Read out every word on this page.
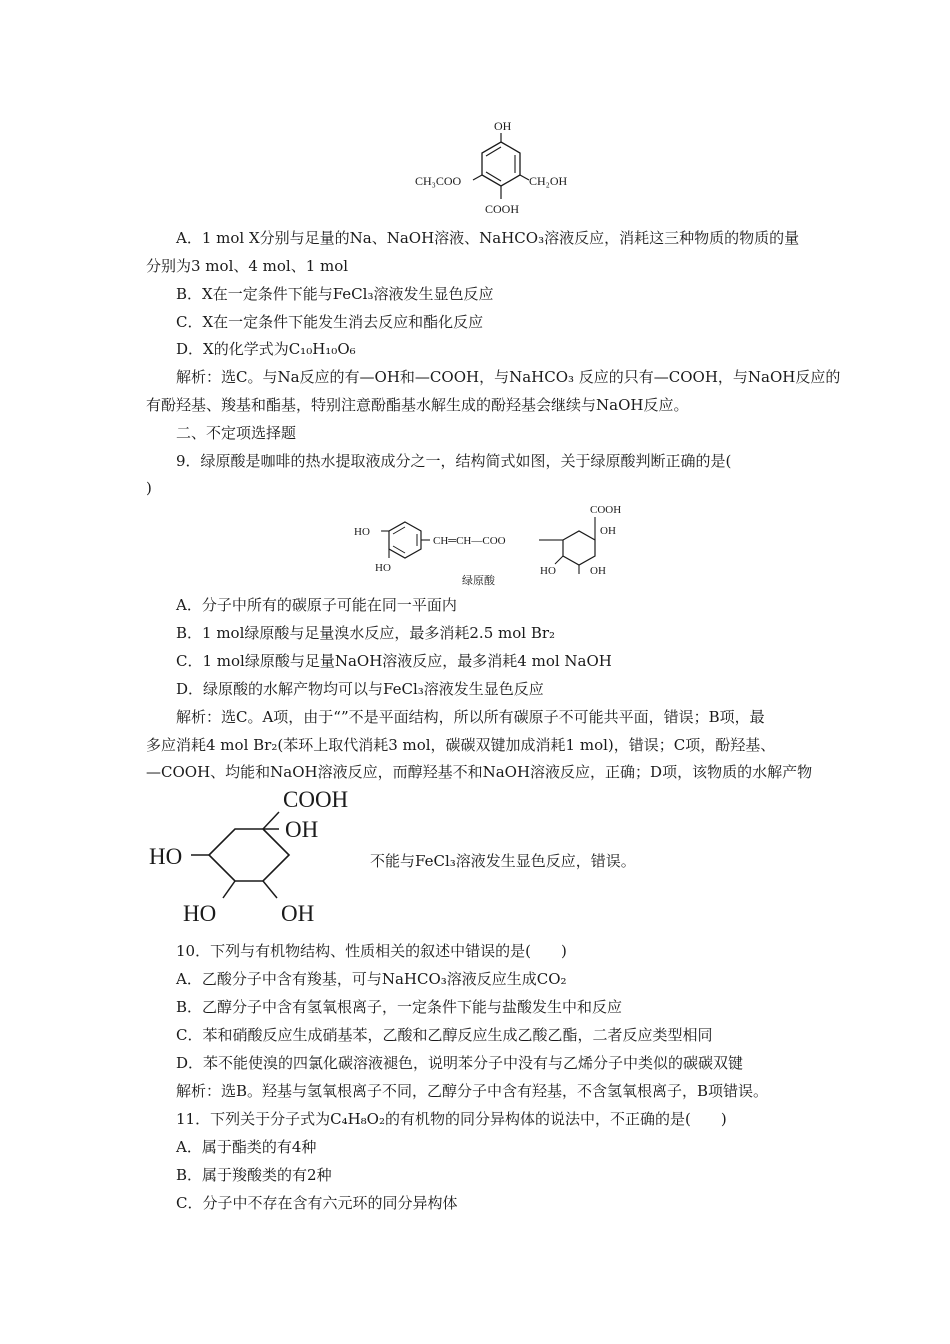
OH
CH₃COO	CH₂OH
COOH
A．1 mol X分别与足量的Na、NaOH溶液、NaHCO₃溶液反应，消耗这三种物质的物质的量
分别为3 mol、4 mol、1 mol
B．X在一定条件下能与FeCl₃溶液发生显色反应
C．X在一定条件下能发生消去反应和酯化反应
D．X的化学式为C₁₀H₁₀O₆
解析：选C。与Na反应的有—OH和—COOH，与NaHCO₃ 反应的只有—COOH，与NaOH反应的
有酚羟基、羧基和酯基，特别注意酚酯基水解生成的酚羟基会继续与NaOH反应。
二、不定项选择题
9．绿原酸是咖啡的热水提取液成分之一，结构简式如图，关于绿原酸判断正确的是(
)
HO
HO
CH═CH—COO
COOH
OH
HO	OH
绿原酸
A．分子中所有的碳原子可能在同一平面内
B．1 mol绿原酸与足量溴水反应，最多消耗2.5 mol Br₂
C．1 mol绿原酸与足量NaOH溶液反应，最多消耗4 mol NaOH
D．绿原酸的水解产物均可以与FeCl₃溶液发生显色反应
解析：选C。A项，由于“”不是平面结构，所以所有碳原子不可能共平面，错误；B项，最
多应消耗4 mol Br₂(苯环上取代消耗3 mol，碳碳双键加成消耗1 mol)，错误；C项，酚羟基、
—COOH、均能和NaOH溶液反应，而醇羟基不和NaOH溶液反应，正确；D项，该物质的水解产物
COOH
OH
HO
HO	OH
不能与FeCl₃溶液发生显色反应，错误。
10．下列与有机物结构、性质相关的叙述中错误的是(　　)
A．乙酸分子中含有羧基，可与NaHCO₃溶液反应生成CO₂
B．乙醇分子中含有氢氧根离子，一定条件下能与盐酸发生中和反应
C．苯和硝酸反应生成硝基苯，乙酸和乙醇反应生成乙酸乙酯，二者反应类型相同
D．苯不能使溴的四氯化碳溶液褪色，说明苯分子中没有与乙烯分子中类似的碳碳双键
解析：选B。羟基与氢氧根离子不同，乙醇分子中含有羟基，不含氢氧根离子，B项错误。
11．下列关于分子式为C₄H₈O₂的有机物的同分异构体的说法中，不正确的是(　　)
A．属于酯类的有4种
B．属于羧酸类的有2种
C．分子中不存在含有六元环的同分异构体
